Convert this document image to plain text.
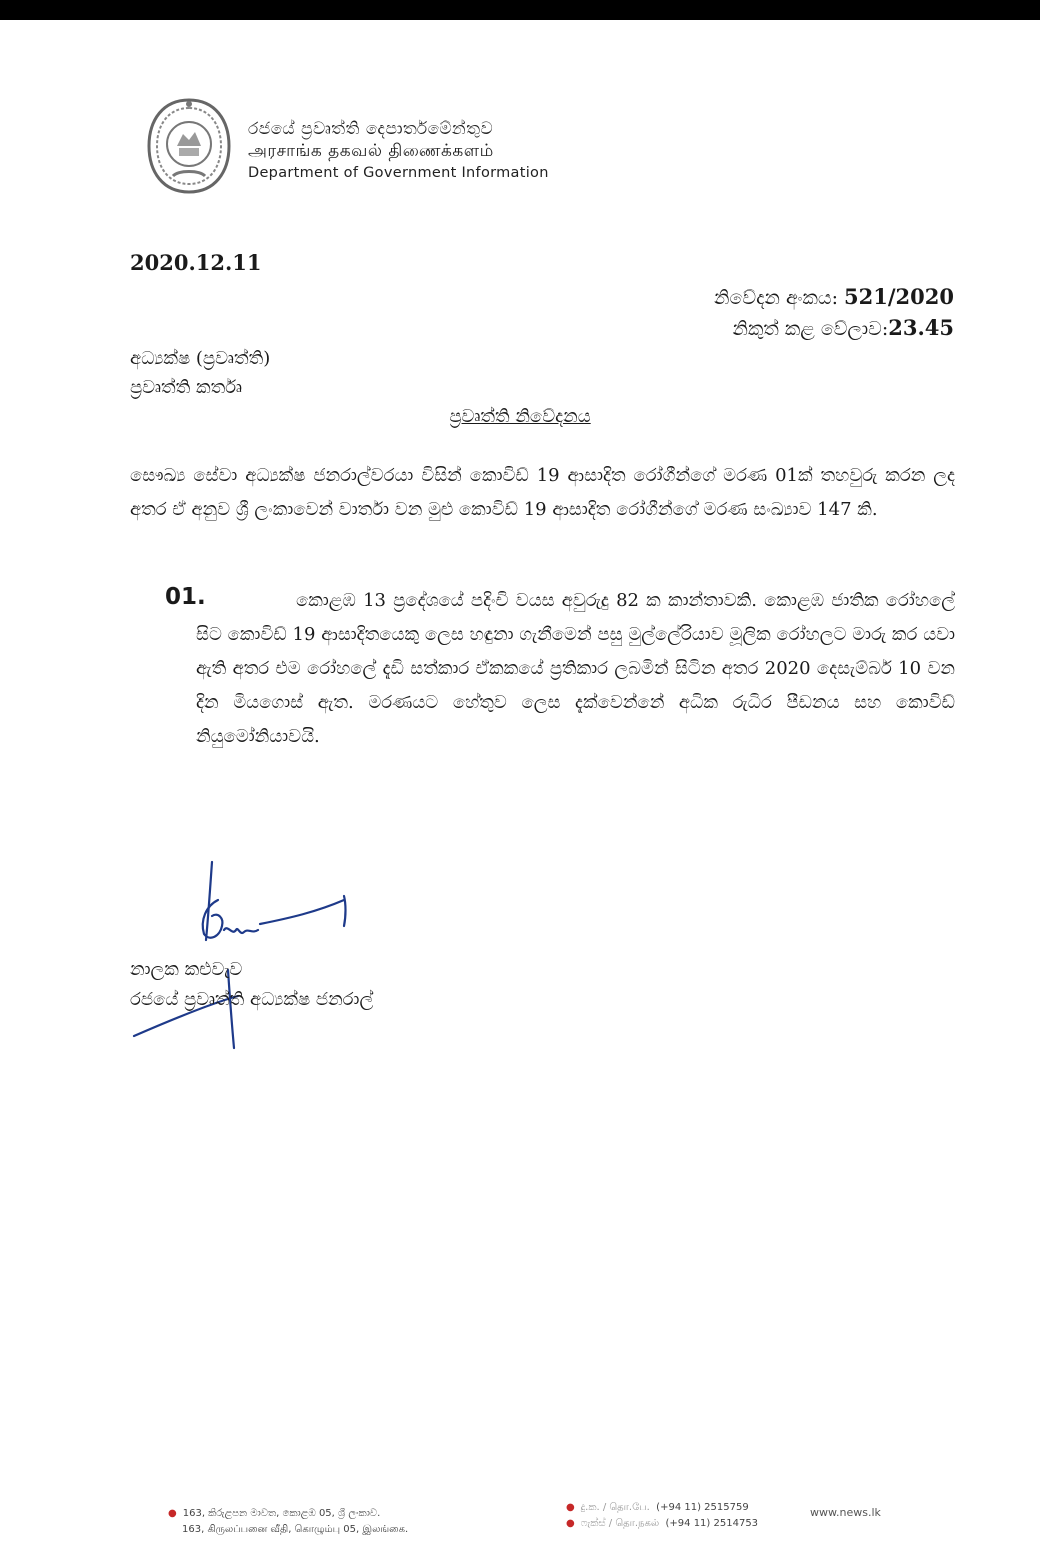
රජයේ ප්‍රවෘත්ති දෙපාර්තමේන්තුව
அரசாங்க தகவல் திணைக்களம்
Department of Government Information
2020.12.11
නිවේදන අංකය: 521/2020
නිකුත් කළ වේලාව:23.45
අධ්‍යක්ෂ (ප්‍රවෘත්ති)
ප්‍රවෘත්ති කර්තෘ
ප්‍රවෘත්ති නිවේදනය
සෞඛ්‍ය සේවා අධ්‍යක්ෂ ජනරාල්වරයා විසින් කොවිඩ් 19 ආසාදිත රෝගීන්ගේ මරණ 01ක් තහවුරු කරන ලද අතර ඒ අනුව ශ්‍රී ලංකාවෙන් වාර්තා වන මුළු කොවිඩ් 19 ආසාදිත රෝගීන්ගේ මරණ සංඛ්‍යාව 147 කි.
01.	කොළඹ 13 ප්‍රදේශයේ පදිංචි වයස අවුරුදු 82 ක කාන්තාවකි. කොළඹ ජාතික රෝහලේ සිට කොවිඩ් 19 ආසාදිතයෙකු ලෙස හඳුනා ගැනීමෙන් පසු මුල්ලේරියාව මූලික රෝහලට මාරු කර යවා ඇති අතර එම රෝහලේ දැඩි සත්කාර ඒකකයේ ප්‍රතිකාර ලබමින් සිටින අතර 2020 දෙසැම්බර් 10 වන දින මියගොස් ඇත. මරණයට හේතුව ලෙස දැක්වෙන්නේ අධික රුධිර පීඩනය සහ කොවිඩ් නියුමෝනියාවයි.
නාලක කළුවැව
රජයේ ප්‍රවෘත්ති අධ්‍යක්ෂ ජනරාල්
● 163, කිරුළපන මාවත, කොළඹ 05, ශ්‍රී ලංකාව.
163, கிருலப்பனை வீதி, கொழும்பு 05, இலங்கை.
● දු.ක. / தொ.பே. (+94 11) 2515759
● ෆැක්ස් / தொ.நகல் (+94 11) 2514753
www.news.lk
